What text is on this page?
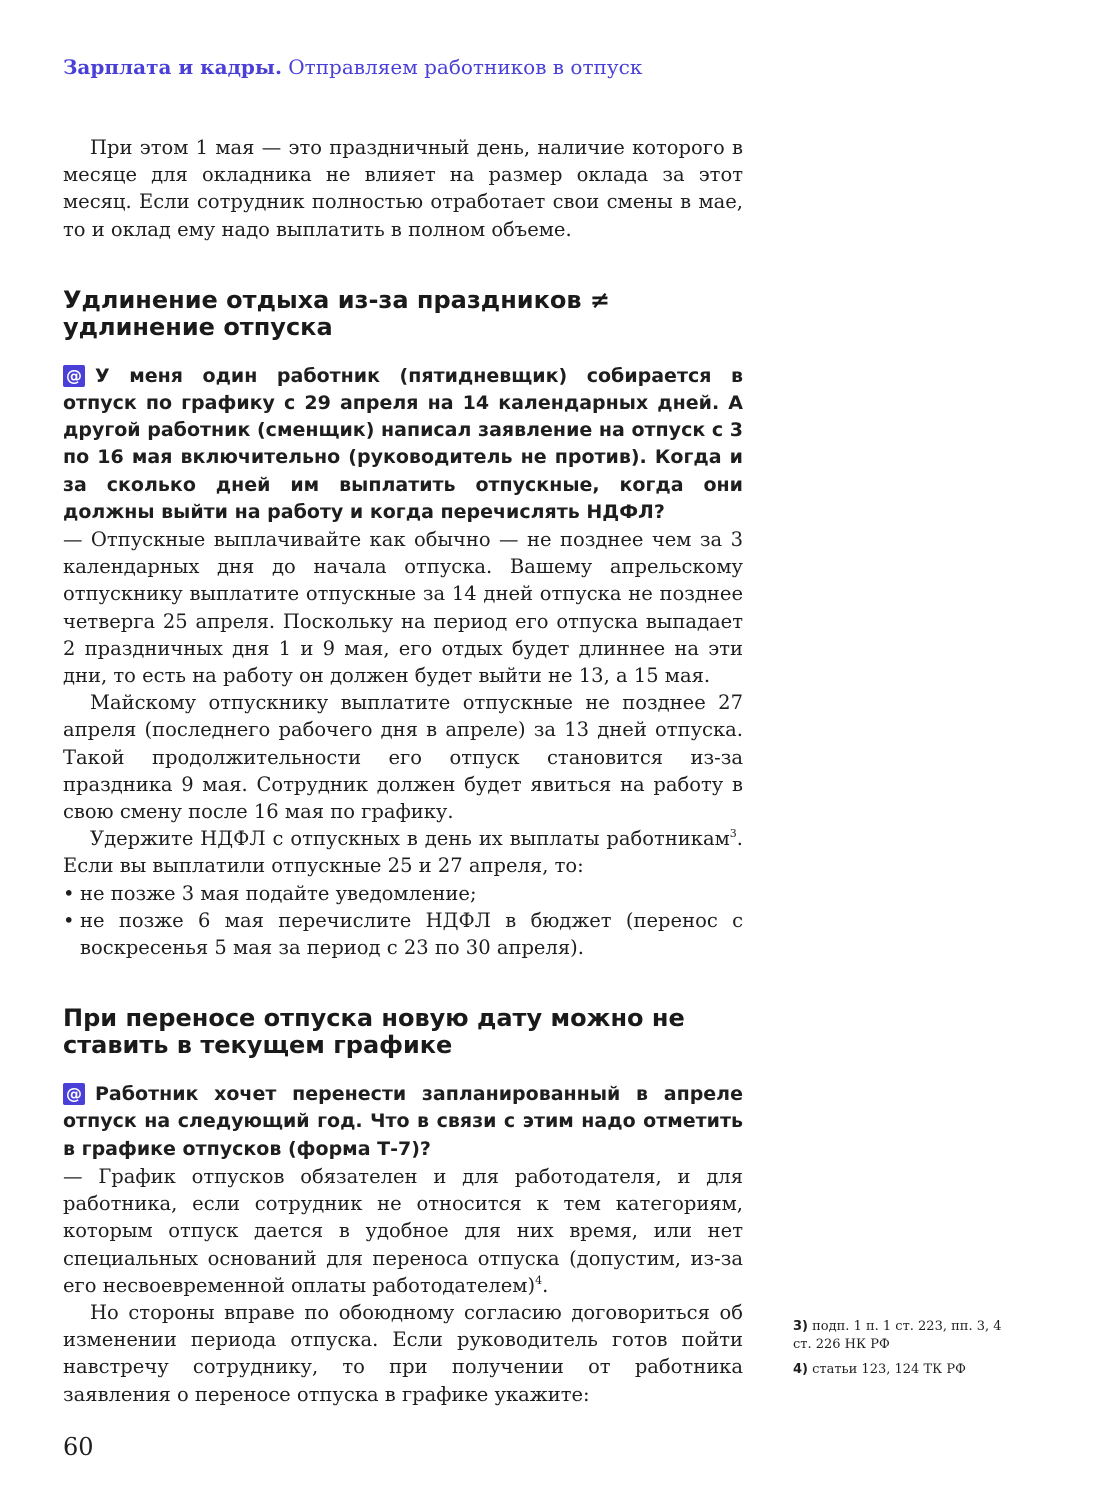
Зарплата и кадры. Отправляем работников в отпуск

При этом 1 мая — это праздничный день, наличие которого в месяце для окладника не влияет на размер оклада за этот месяц. Если сотрудник полностью отработает свои смены в мае, то и оклад ему надо выплатить в полном объеме.

Удлинение отдыха из-за праздников ≠ удлинение отпуска

@ У меня один работник (пятидневщик) собирается в отпуск по графику с 29 апреля на 14 календарных дней. А другой работник (сменщик) написал заявление на отпуск с 3 по 16 мая включительно (руководитель не против). Когда и за сколько дней им выплатить отпускные, когда они должны выйти на работу и когда перечислять НДФЛ?

— Отпускные выплачивайте как обычно — не позднее чем за 3 календарных дня до начала отпуска. Вашему апрельскому отпускнику выплатите отпускные за 14 дней отпуска не позднее четверга 25 апреля. Поскольку на период его отпуска выпадает 2 праздничных дня 1 и 9 мая, его отдых будет длиннее на эти дни, то есть на работу он должен будет выйти не 13, а 15 мая.

Майскому отпускнику выплатите отпускные не позднее 27 апреля (последнего рабочего дня в апреле) за 13 дней отпуска. Такой продолжительности его отпуск становится из-за праздника 9 мая. Сотрудник должен будет явиться на работу в свою смену после 16 мая по графику.

Удержите НДФЛ с отпускных в день их выплаты работникам$^3$. Если вы выплатили отпускные 25 и 27 апреля, то:

• не позже 3 мая подайте уведомление;
• не позже 6 мая перечислите НДФЛ в бюджет (перенос с воскресенья 5 мая за период с 23 по 30 апреля).
При переносе отпуска новую дату можно не ставить в текущем графике

@ Работник хочет перенести запланированный в апреле отпуск на следующий год. Что в связи с этим надо отметить в графике отпусков (форма Т-7)?

— График отпусков обязателен и для работодателя, и для работника, если сотрудник не относится к тем категориям, которым отпуск дается в удобное для них время, или нет специальных оснований для переноса отпуска (допустим, из-за его несвоевременной оплаты работодателем)$^4$.

Но стороны вправе по обоюдному согласию договориться об изменении периода отпуска. Если руководитель готов пойти навстречу сотруднику, то при получении от работника заявления о переносе отпуска в графике укажите:

3) подп. 1 п. 1 ст. 223, пп. 3, 4 ст. 226 НК РФ

4) статьи 123, 124 ТК РФ

60
